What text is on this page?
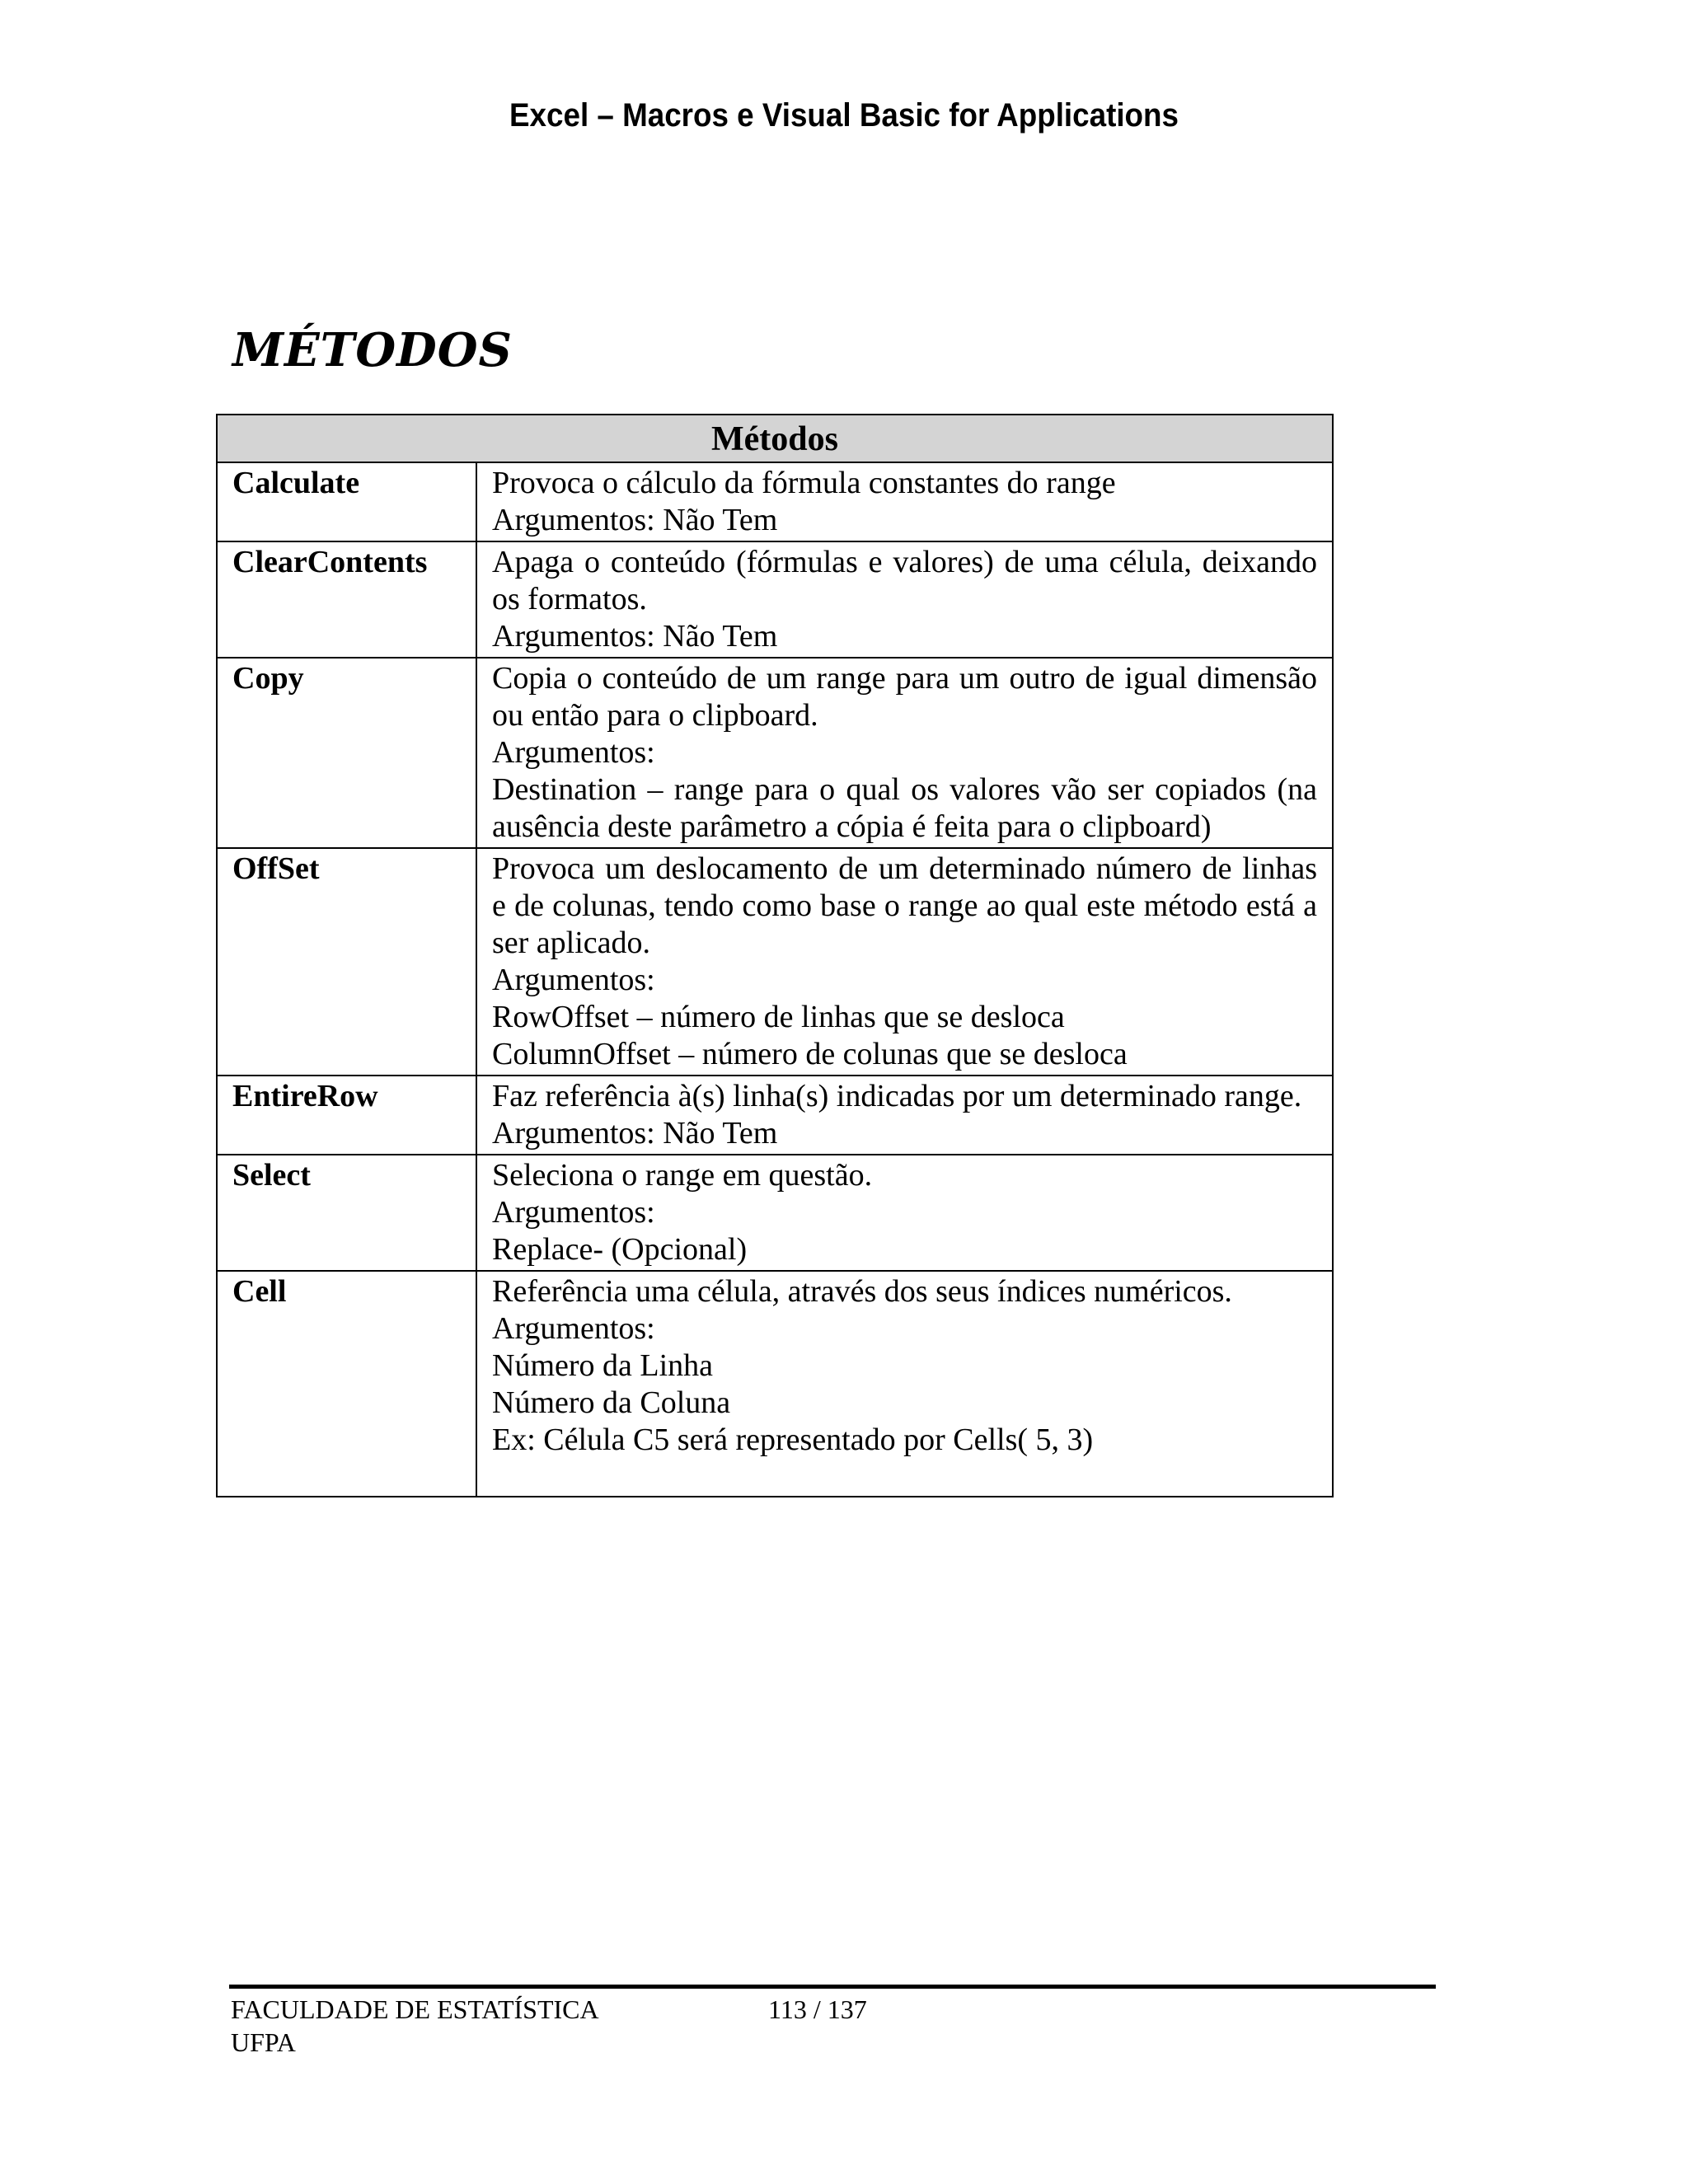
Excel – Macros e Visual Basic for Applications
MÉTODOS
Métodos	
Calculate	Provoca o cálculo da fórmula constantes do range
Argumentos: Não Tem

ClearContents	Apaga o conteúdo (fórmulas e valores) de uma célula, deixando os formatos.
Argumentos: Não Tem

Copy	Copia o conteúdo de um range para um outro de igual dimensão ou então para o clipboard.
Argumentos:
Destination – range para o qual os valores vão ser copiados (na ausência deste parâmetro a cópia é feita para o clipboard)

OffSet	Provoca um deslocamento de um determinado número de linhas e de colunas, tendo como base o range ao qual este método está a ser aplicado.
Argumentos:
RowOffset – número de linhas que se desloca
ColumnOffset – número de colunas que se desloca

EntireRow	Faz referência à(s) linha(s) indicadas por um determinado range.
Argumentos: Não Tem

Select	Seleciona o range em questão.
Argumentos:
Replace- (Opcional)

Cell	Referência uma célula, através dos seus índices numéricos.
Argumentos:
Número da Linha
Número da Coluna
Ex: Célula C5 será representado por Cells( 5, 3)
FACULDADE DE ESTATÍSTICA
UFPA
113 / 137
